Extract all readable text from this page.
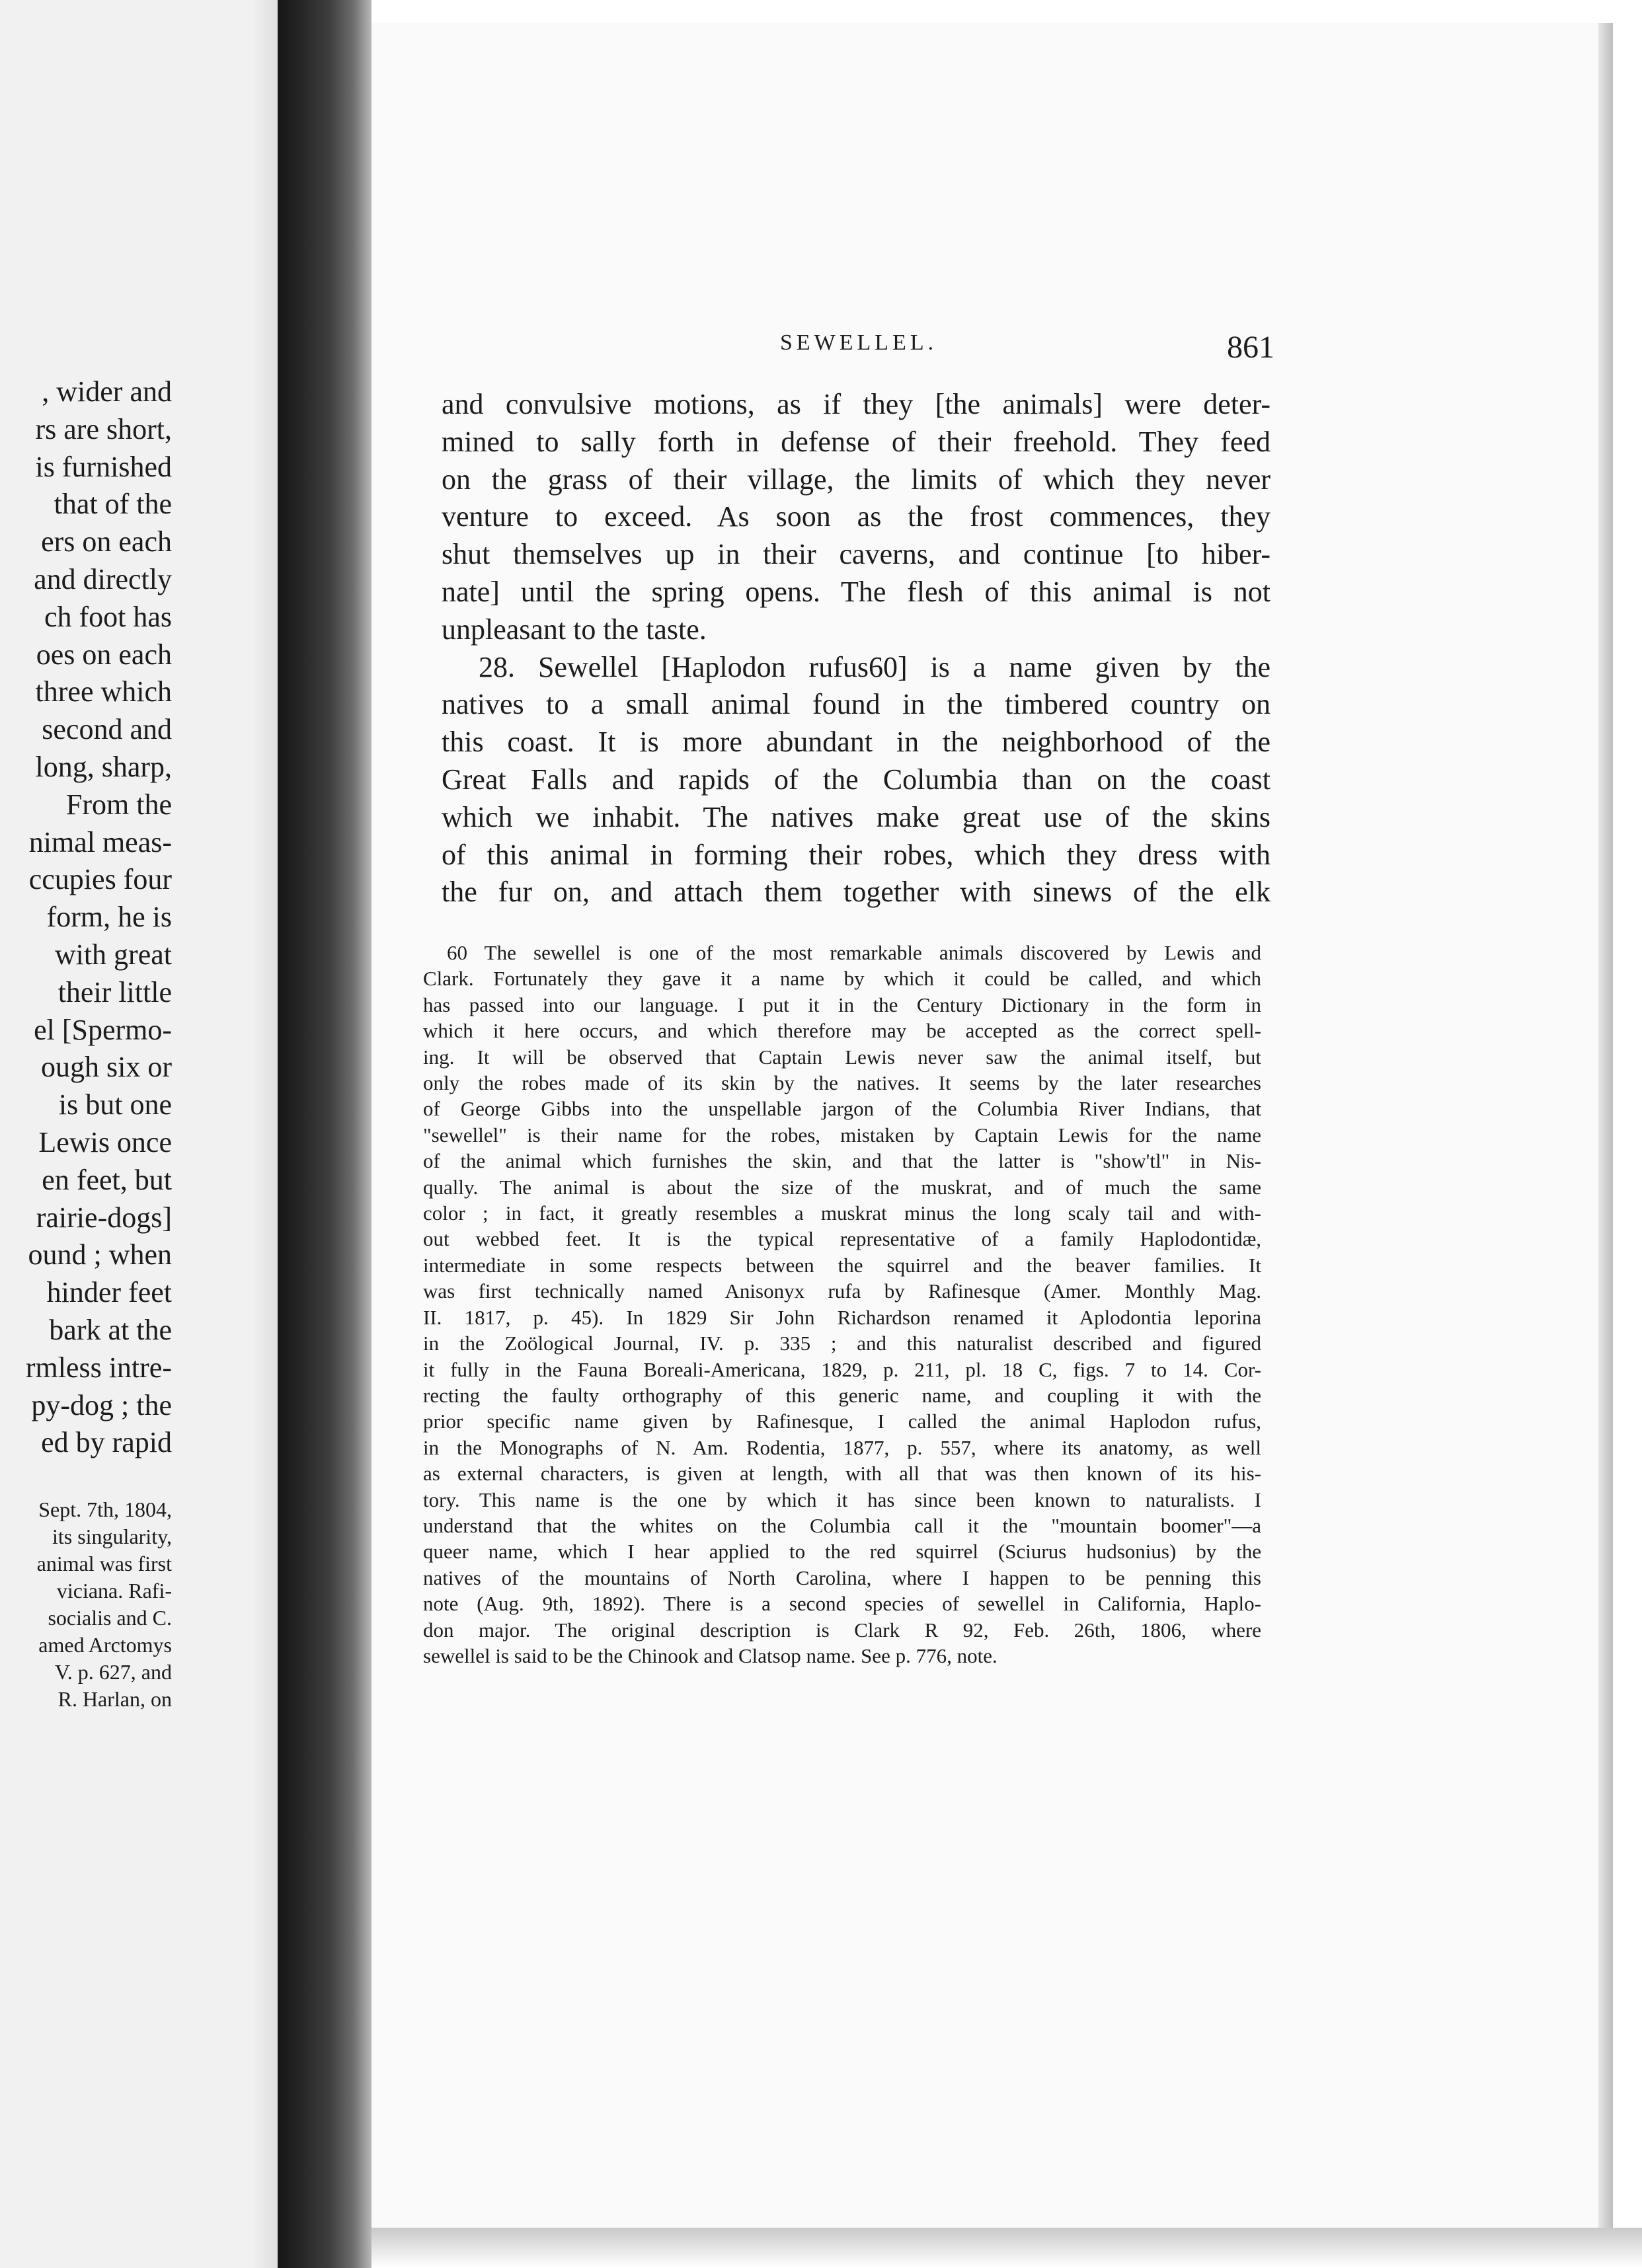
, wider and
rs are short,
is furnished
that of the
ers on each
and directly
ch foot has
oes on each
three which
second and
long, sharp,
From the
nimal meas-
ccupies four
form, he is
with great
their little
el [Spermo-
ough six or
is but one
Lewis once
en feet, but
rairie-dogs]
ound ; when
hinder feet
bark at the
rmless intre-
py-dog ; the
ed by rapid
Sept. 7th, 1804,
its singularity,
animal was first
viciana. Rafi-
socialis and C.
amed Arctomys
V. p. 627, and
R. Harlan, on
SEWELLEL.	861
and convulsive motions, as if they [the animals] were deter-
mined to sally forth in defense of their freehold. They feed
on the grass of their village, the limits of which they never
venture to exceed. As soon as the frost commences, they
shut themselves up in their caverns, and continue [to hiber-
nate] until the spring opens. The flesh of this animal is not
unpleasant to the taste.
28. Sewellel [Haplodon rufus60] is a name given by the
natives to a small animal found in the timbered country on
this coast. It is more abundant in the neighborhood of the
Great Falls and rapids of the Columbia than on the coast
which we inhabit. The natives make great use of the skins
of this animal in forming their robes, which they dress with
the fur on, and attach them together with sinews of the elk
60 The sewellel is one of the most remarkable animals discovered by Lewis and
Clark. Fortunately they gave it a name by which it could be called, and which
has passed into our language. I put it in the Century Dictionary in the form in
which it here occurs, and which therefore may be accepted as the correct spell-
ing. It will be observed that Captain Lewis never saw the animal itself, but
only the robes made of its skin by the natives. It seems by the later researches
of George Gibbs into the unspellable jargon of the Columbia River Indians, that
"sewellel" is their name for the robes, mistaken by Captain Lewis for the name
of the animal which furnishes the skin, and that the latter is "show'tl" in Nis-
qually. The animal is about the size of the muskrat, and of much the same
color ; in fact, it greatly resembles a muskrat minus the long scaly tail and with-
out webbed feet. It is the typical representative of a family Haplodontidæ,
intermediate in some respects between the squirrel and the beaver families. It
was first technically named Anisonyx rufa by Rafinesque (Amer. Monthly Mag.
II. 1817, p. 45). In 1829 Sir John Richardson renamed it Aplodontia leporina
in the Zoölogical Journal, IV. p. 335 ; and this naturalist described and figured
it fully in the Fauna Boreali-Americana, 1829, p. 211, pl. 18 C, figs. 7 to 14. Cor-
recting the faulty orthography of this generic name, and coupling it with the
prior specific name given by Rafinesque, I called the animal Haplodon rufus,
in the Monographs of N. Am. Rodentia, 1877, p. 557, where its anatomy, as well
as external characters, is given at length, with all that was then known of its his-
tory. This name is the one by which it has since been known to naturalists. I
understand that the whites on the Columbia call it the "mountain boomer"—a
queer name, which I hear applied to the red squirrel (Sciurus hudsonius) by the
natives of the mountains of North Carolina, where I happen to be penning this
note (Aug. 9th, 1892). There is a second species of sewellel in California, Haplo-
don major. The original description is Clark R 92, Feb. 26th, 1806, where
sewellel is said to be the Chinook and Clatsop name. See p. 776, note.
